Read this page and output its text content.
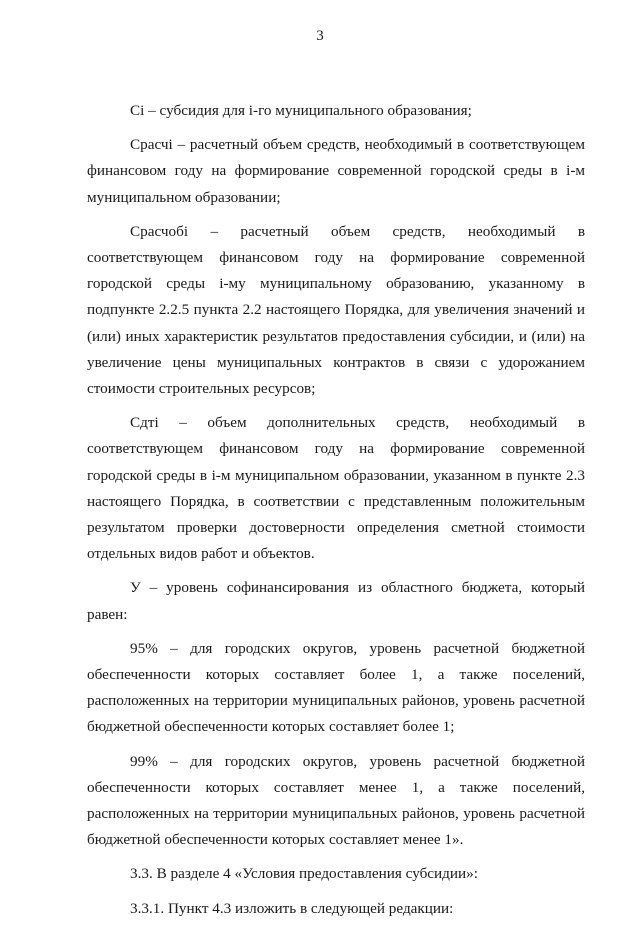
3

Сi – субсидия для i-го муниципального образования;

Срасчi – расчетный объем средств, необходимый в соответствующем финансовом году на формирование современной городской среды в i-м муниципальном образовании;

Срасчобi – расчетный объем средств, необходимый в соответствующем финансовом году на формирование современной городской среды i-му муниципальному образованию, указанному в подпункте 2.2.5 пункта 2.2 настоящего Порядка, для увеличения значений и (или) иных характеристик результатов предоставления субсидии, и (или) на увеличение цены муниципальных контрактов в связи с удорожанием стоимости строительных ресурсов;

Сдтi – объем дополнительных средств, необходимый в соответствующем финансовом году на формирование современной городской среды в i-м муниципальном образовании, указанном в пункте 2.3 настоящего Порядка, в соответствии с представленным положительным результатом проверки достоверности определения сметной стоимости отдельных видов работ и объектов.

У – уровень софинансирования из областного бюджета, который равен:

95% – для городских округов, уровень расчетной бюджетной обеспеченности которых составляет более 1, а также поселений, расположенных на территории муниципальных районов, уровень расчетной бюджетной обеспеченности которых составляет более 1;

99% – для городских округов, уровень расчетной бюджетной обеспеченности которых составляет менее 1, а также поселений, расположенных на территории муниципальных районов, уровень расчетной бюджетной обеспеченности которых составляет менее 1».

3.3. В разделе 4 «Условия предоставления субсидии»:

3.3.1. Пункт 4.3 изложить в следующей редакции:
